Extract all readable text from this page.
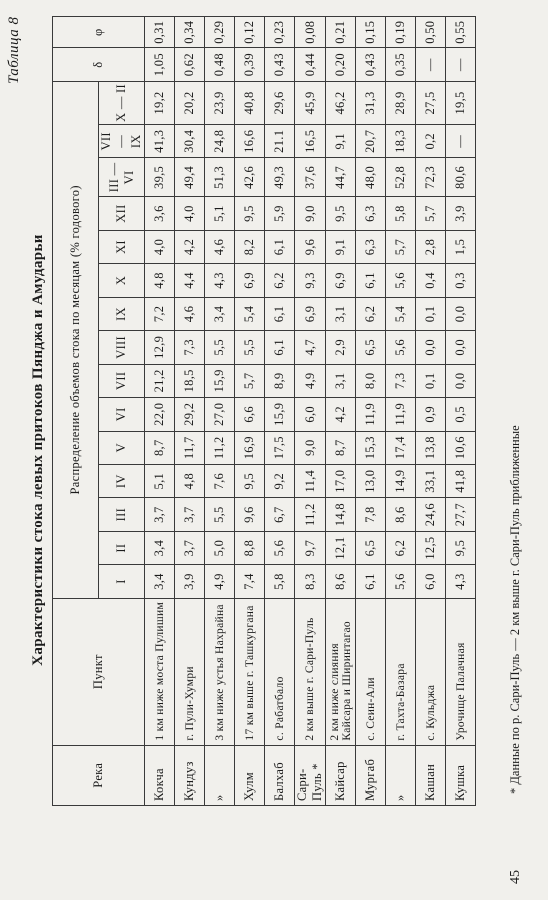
Таблица 8
Характеристики стока левых притоков Пянджа и Амударьи
Река	Пункт	Распределение объемов стока по месяцам (% годового)															δ	φ
		I	II	III	IV	V	VI	VII	VIII	IX	X	XI	XII	III — VI	VII — IX	X — II		
Кокча	1 км ниже моста Пулишим	3,4	3,4	3,7	5,1	8,7	22,0	21,2	12,9	7,2	4,8	4,0	3,6	39,5	41,3	19,2	1,05	0,31
Кундуз	г. Пули-Хумри	3,9	3,7	3,7	4,8	11,7	29,2	18,5	7,3	4,6	4,4	4,2	4,0	49,4	30,4	20,2	0,62	0,34
»	3 км ниже устья Нахрайна	4,9	5,0	5,5	7,6	11,2	27,0	15,9	5,5	3,4	4,3	4,6	5,1	51,3	24,8	23,9	0,48	0,29
Хулм	17 км выше г. Ташкургана	7,4	8,8	9,6	9,5	16,9	6,6	5,7	5,5	5,4	6,9	8,2	9,5	42,6	16,6	40,8	0,39	0,12
Балхаб	с. Рабатбало	5,8	5,6	6,7	9,2	17,5	15,9	8,9	6,1	6,1	6,2	6,1	5,9	49,3	21.1	29,6	0,43	0,23
Сари-Пуль *	2 км выше г. Сари-Пуль	8,3	9,7	11,2	11,4	9,0	6,0	4,9	4,7	6,9	9,3	9,6	9,0	37,6	16,5	45,9	0,44	0,08
Кайсар	2 км ниже слияния Кайсара и Ширинтагао	8,6	12,1	14,8	17,0	8,7	4,2	3,1	2,9	3,1	6,9	9,1	9,5	44,7	9,1	46,2	0,20	0,21
Мургаб	с. Сеин-Али	6,1	6,5	7,8	13,0	15,3	11,9	8,0	6,5	6,2	6,1	6,3	6,3	48,0	20,7	31,3	0,43	0,15
»	г. Тахта-Базара	5,6	6,2	8,6	14,9	17,4	11,9	7,3	5,6	5,4	5,6	5,7	5,8	52,8	18,3	28,9	0,35	0,19
Кашан	с. Кульджа	6,0	12,5	24,6	33,1	13,8	0,9	0,1	0,0	0,1	0,4	2,8	5,7	72,3	0,2	27,5	—	0,50
Кушка	Урочище Палачная	4,3	9,5	27,7	41,8	10,6	0,5	0,0	0,0	0,0	0,3	1,5	3,9	80,6	—	19,5	—	0,55
45
* Данные по р. Сари-Пуль — 2 км выше г. Сари-Пуль приближенные
